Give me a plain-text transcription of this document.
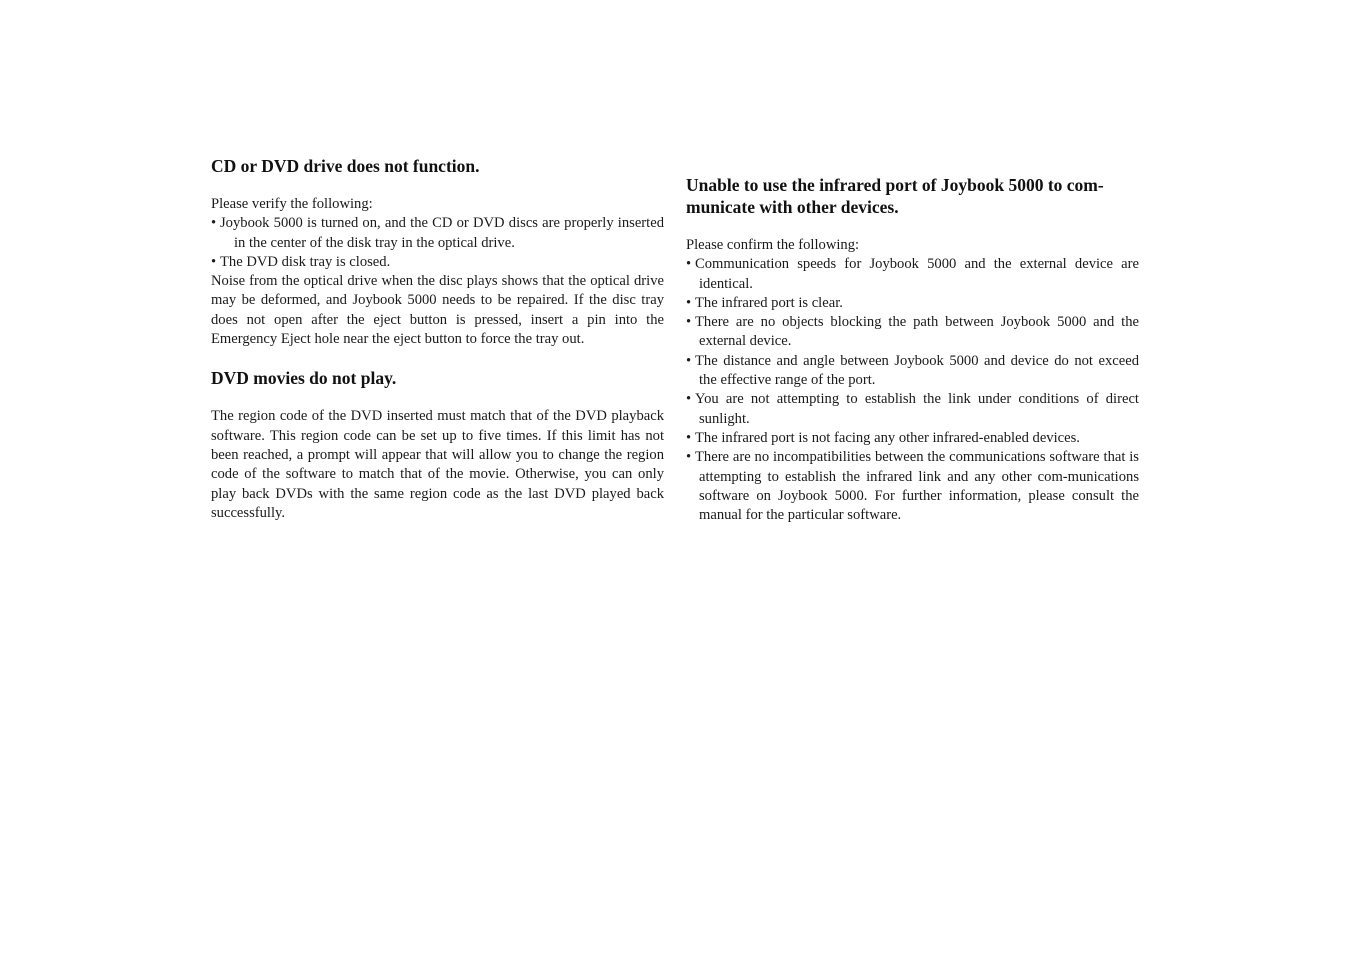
CD or DVD drive does not function.

Please verify the following:

• Joybook 5000 is turned on, and the CD or DVD discs are properly inserted in the center of the disk tray in the optical drive.
• The DVD disk tray is closed.

Noise from the optical drive when the disc plays shows that the optical drive may be deformed, and Joybook 5000 needs to be repaired. If the disc tray does not open after the eject button is pressed, insert a pin into the Emergency Eject hole near the eject button to force the tray out.

DVD movies do not play.

The region code of the DVD inserted must match that of the DVD playback software. This region code can be set up to five times. If this limit has not been reached, a prompt will appear that will allow you to change the region code of the software to match that of the movie. Otherwise, you can only play back DVDs with the same region code as the last DVD played back successfully.

Unable to use the infrared port of Joybook 5000 to com-municate with other devices.

Please confirm the following:

• Communication speeds for Joybook 5000 and the external device are identical.
• The infrared port is clear.
• There are no objects blocking the path between Joybook 5000 and the external device.
• The distance and angle between Joybook 5000 and device do not exceed the effective range of the port.
• You are not attempting to establish the link under conditions of direct sunlight.
• The infrared port is not facing any other infrared-enabled devices.
• There are no incompatibilities between the communications software that is attempting to establish the infrared link and any other com-munications software on Joybook 5000. For further information, please consult the manual for the particular software.
